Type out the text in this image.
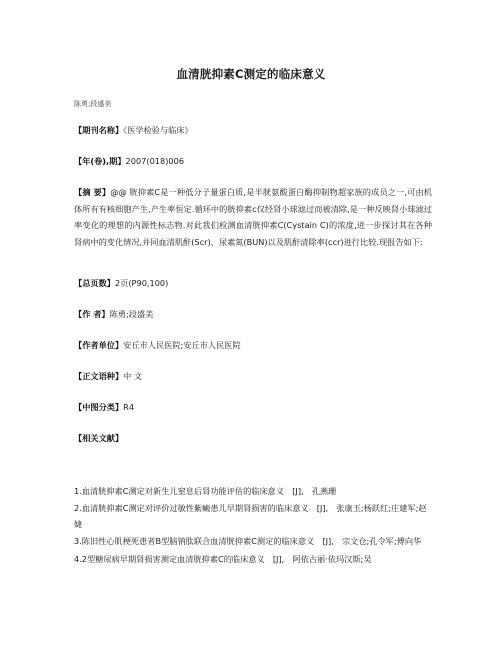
血清胱抑素C测定的临床意义
陈勇;段盛美
【期刊名称】《医学检验与临床》
【年(卷),期】2007(018)006
【摘 要】@@ 胱抑素C是一种低分子量蛋白质,是半胱氨酸蛋白酶抑制物超家族的成员之一,可由机体所有有核细胞产生,产生率恒定.循环中的胱抑素c仅经肾小球滤过而被清除,是一种反映肾小球滤过率变化的理想的内源性标志物.对此我们检测血清胱抑素C(Cystain C)的浓度,进一步探讨其在各种肾病中的变化情况,并同血清肌酐(Scr)、尿素氮(BUN)以及肌酐清除率(ccr)进行比较.现报告如下:
【总页数】2页(P90,100)
【作 者】陈勇;段盛美
【作者单位】安丘市人民医院;安丘市人民医院
【正文语种】中 文
【中图分类】R4
【相关文献】
1.血清胱抑素C测定对新生儿窒息后肾功能评估的临床意义　[J],　孔燕珊
2.血清胱抑素C测定对评价过敏性紫癜患儿早期肾损害的临床意义　[J],　张康玉;杨跃红;庄建军;赵婕
3.陈旧性心肌梗死患者B型脑钠肽联合血清胱抑素C测定的临床意义　[J],　宗文仓;孔令军;傅向华
4.2型糖尿病早期肾损害测定血清胱抑素C的临床意义　[J],　阿依古丽·依玛汉斯;吴
